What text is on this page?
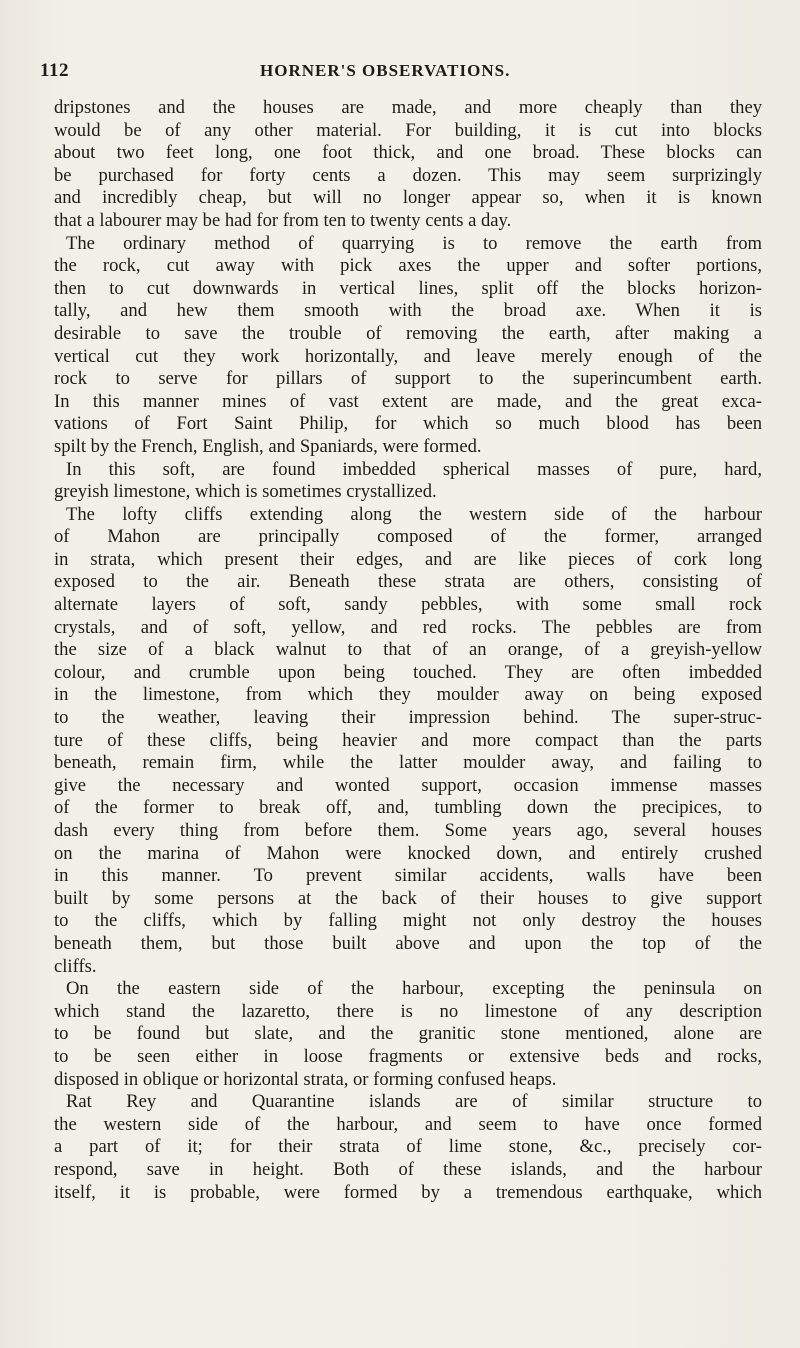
112	HORNER'S OBSERVATIONS.
dripstones and the houses are made, and more cheaply than they
would be of any other material. For building, it is cut into blocks
about two feet long, one foot thick, and one broad. These blocks can
be purchased for forty cents a dozen. This may seem surprizingly
and incredibly cheap, but will no longer appear so, when it is known
that a labourer may be had for from ten to twenty cents a day.
The ordinary method of quarrying is to remove the earth from
the rock, cut away with pick axes the upper and softer portions,
then to cut downwards in vertical lines, split off the blocks horizon-
tally, and hew them smooth with the broad axe. When it is
desirable to save the trouble of removing the earth, after making a
vertical cut they work horizontally, and leave merely enough of the
rock to serve for pillars of support to the superincumbent earth.
In this manner mines of vast extent are made, and the great exca-
vations of Fort Saint Philip, for which so much blood has been
spilt by the French, English, and Spaniards, were formed.
In this soft, are found imbedded spherical masses of pure, hard,
greyish limestone, which is sometimes crystallized.
The lofty cliffs extending along the western side of the harbour
of Mahon are principally composed of the former, arranged
in strata, which present their edges, and are like pieces of cork long
exposed to the air. Beneath these strata are others, consisting of
alternate layers of soft, sandy pebbles, with some small rock
crystals, and of soft, yellow, and red rocks. The pebbles are from
the size of a black walnut to that of an orange, of a greyish-yellow
colour, and crumble upon being touched. They are often imbedded
in the limestone, from which they moulder away on being exposed
to the weather, leaving their impression behind. The super-struc-
ture of these cliffs, being heavier and more compact than the parts
beneath, remain firm, while the latter moulder away, and failing to
give the necessary and wonted support, occasion immense masses
of the former to break off, and, tumbling down the precipices, to
dash every thing from before them. Some years ago, several houses
on the marina of Mahon were knocked down, and entirely crushed
in this manner. To prevent similar accidents, walls have been
built by some persons at the back of their houses to give support
to the cliffs, which by falling might not only destroy the houses
beneath them, but those built above and upon the top of the
cliffs.
On the eastern side of the harbour, excepting the peninsula on
which stand the lazaretto, there is no limestone of any description
to be found but slate, and the granitic stone mentioned, alone are
to be seen either in loose fragments or extensive beds and rocks,
disposed in oblique or horizontal strata, or forming confused heaps.
Rat Rey and Quarantine islands are of similar structure to
the western side of the harbour, and seem to have once formed
a part of it; for their strata of lime stone, &c., precisely cor-
respond, save in height. Both of these islands, and the harbour
itself, it is probable, were formed by a tremendous earthquake, which
